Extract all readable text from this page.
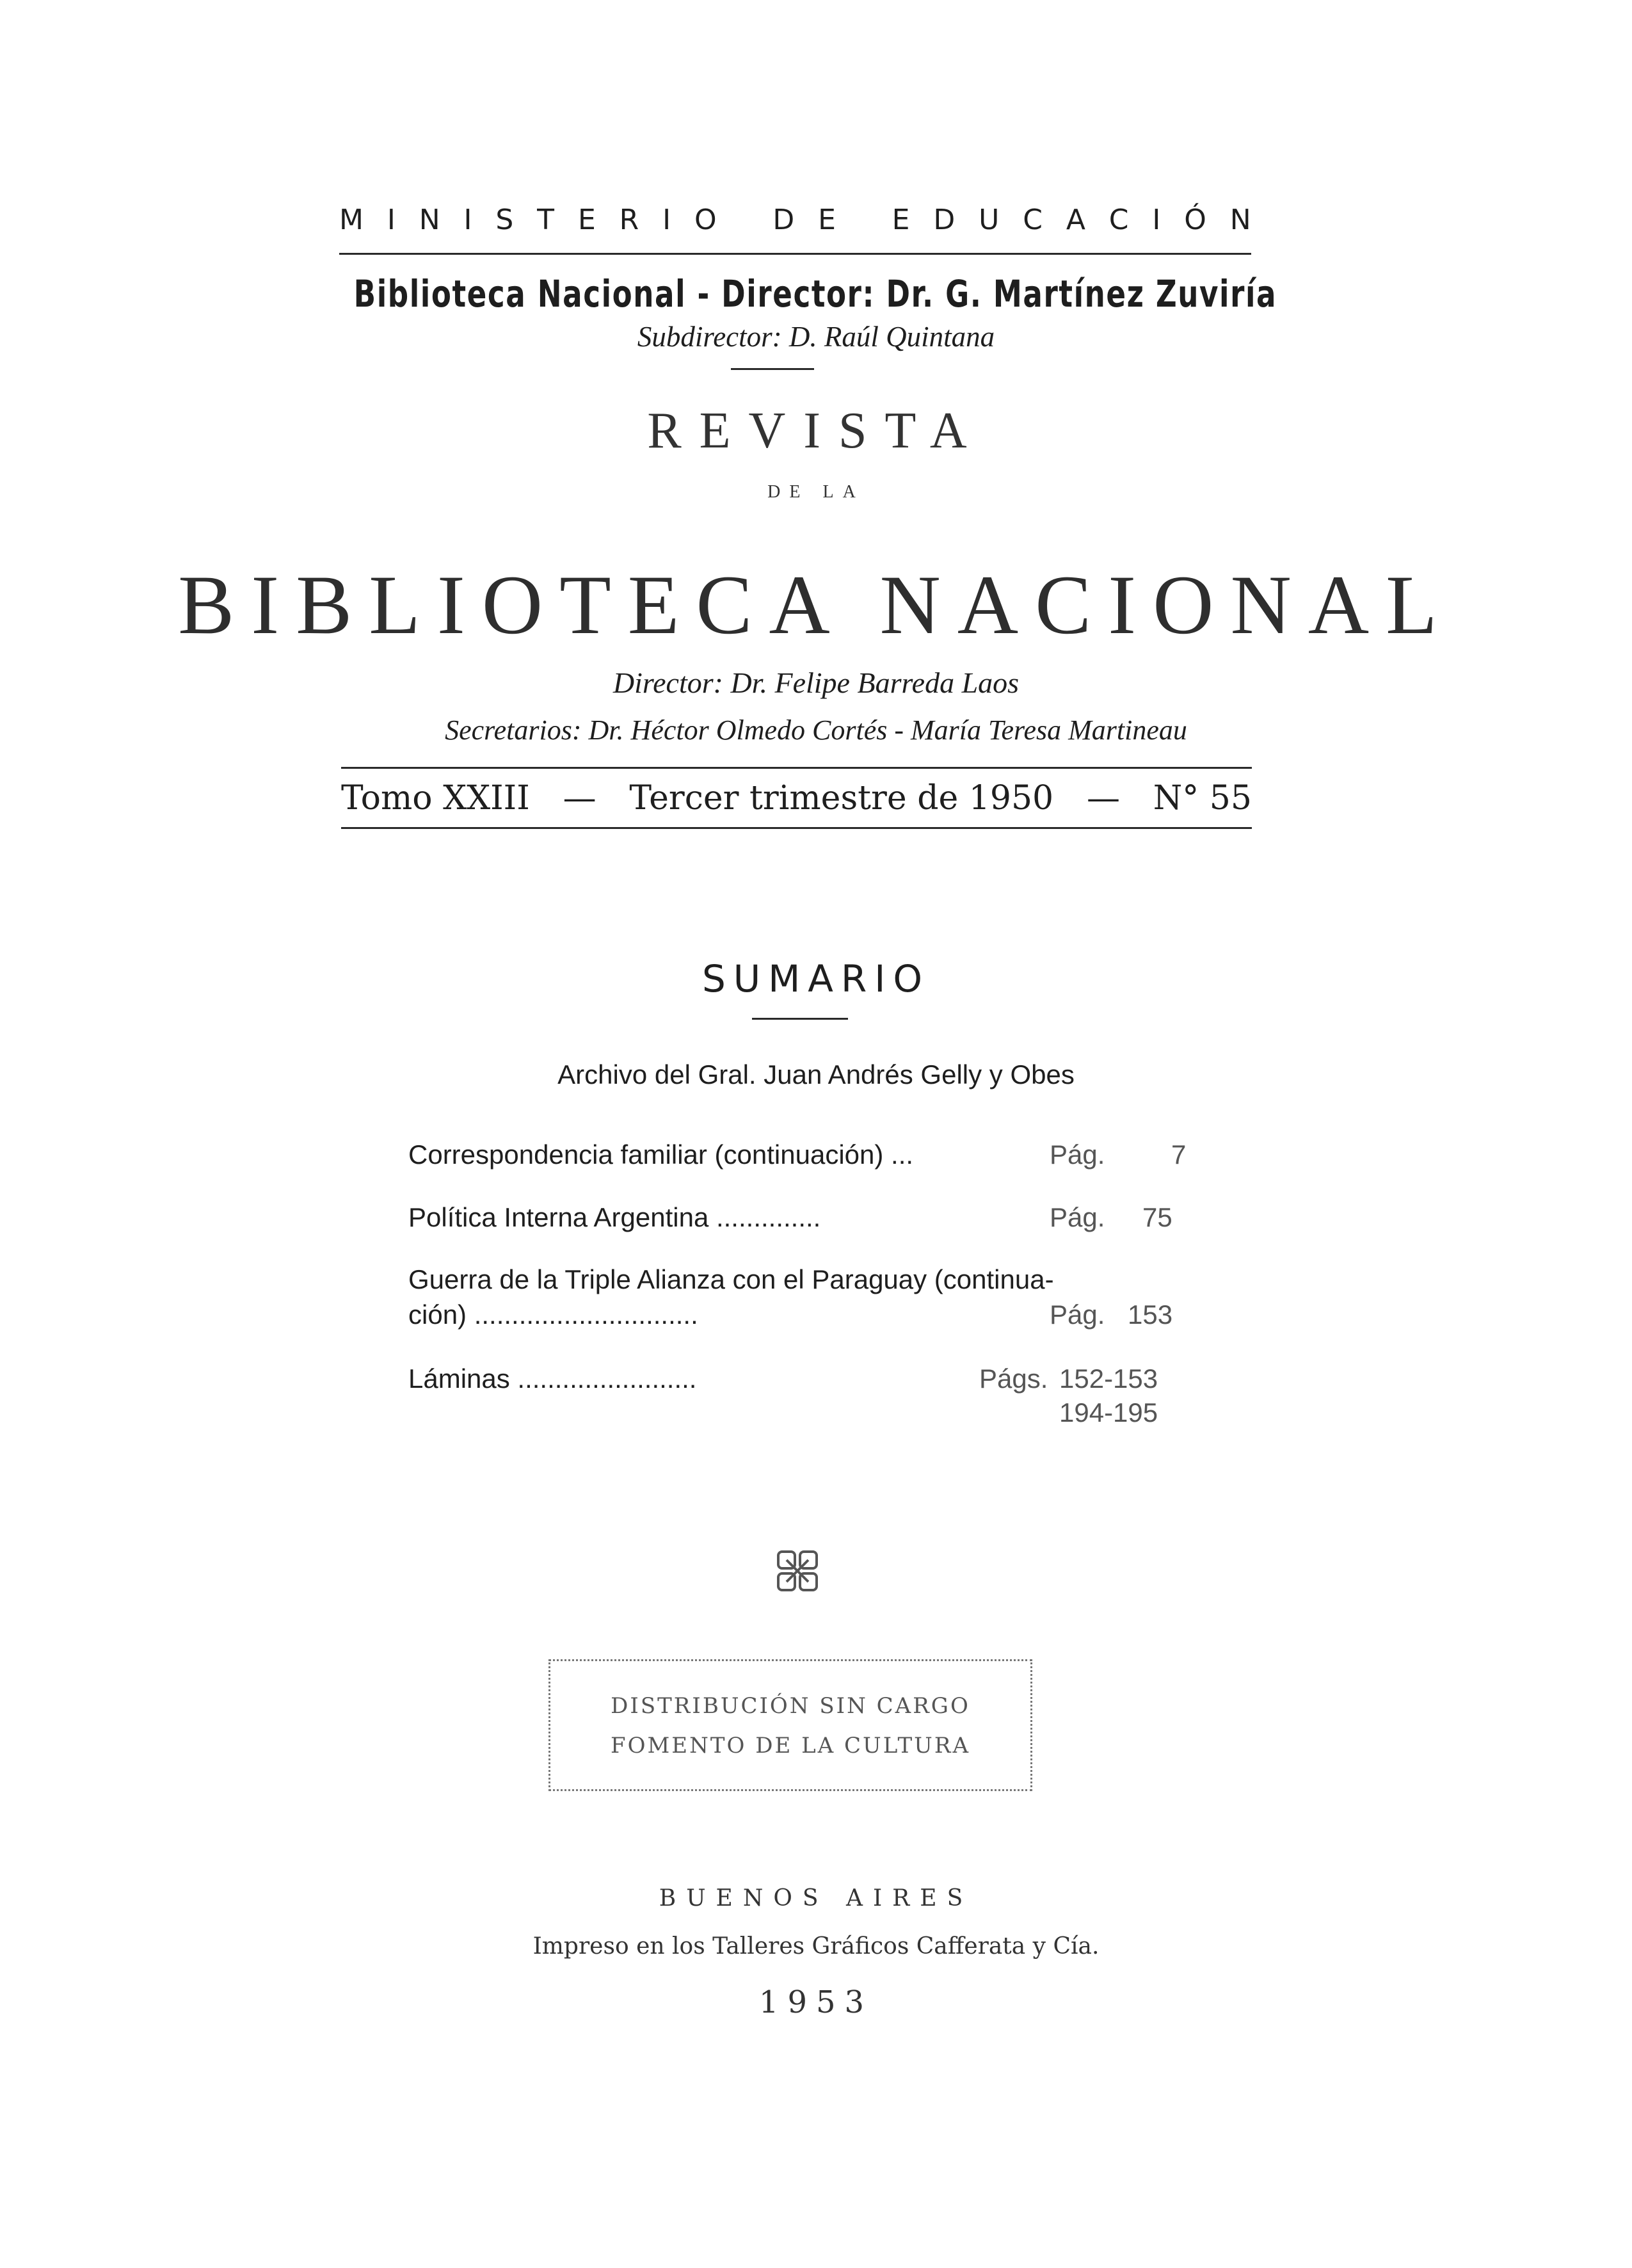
M I N I S T E R I O
D E
E D U C A C I Ó N
Biblioteca Nacional - Director: Dr. G. Martínez Zuviría
Subdirector: D. Raúl Quintana
REVISTA
DE LA
BIBLIOTECA NACIONAL
Director: Dr. Felipe Barreda Laos
Secretarios: Dr. Héctor Olmedo Cortés - María Teresa Martineau
Tomo XXIII — Tercer trimestre de 1950 — N° 55
SUMARIO
Archivo del Gral. Juan Andrés Gelly y Obes
Correspondencia familiar (continuación) ...	Pág. 7
Política Interna Argentina ..............	Pág. 75
Guerra de la Triple Alianza con el Paraguay (continua-
ción) ..............................	Pág. 153
Láminas ........................	Págs. 152-153
194-195
DISTRIBUCIÓN SIN CARGO
FOMENTO DE LA CULTURA
BUENOS AIRES
Impreso en los Talleres Gráficos Cafferata y Cía.
1953
